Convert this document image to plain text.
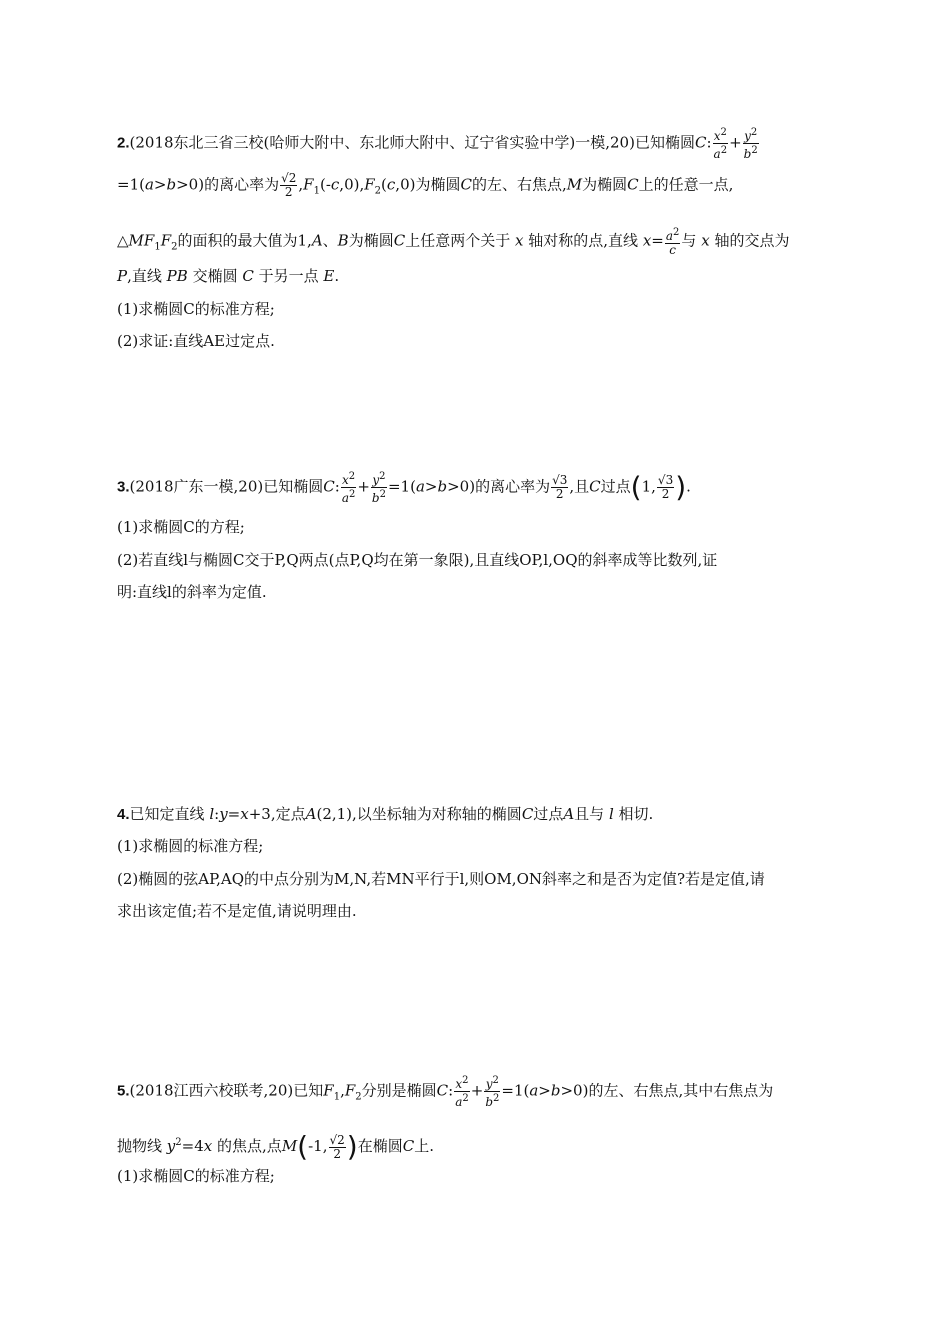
2.(2018东北三省三校(哈师大附中、东北师大附中、辽宁省实验中学)一模,20)已知椭圆C: $\frac{x^2}{a^2} + \frac{y^2}{b^2}$
=1(a>b>0)的离心率为 $\frac{√2}{2} ,F_1(-c,0),F_2(c,0)$为椭圆C的左、右焦点,M为椭圆C上的任意一点,
$\triangle MF_1F_2$的面积的最大值为1,A、B为椭圆C上任意两个关于 x 轴对称的点,直线 $x= \frac{a^2}{c}$ 与 x 轴的交点为
P,直线 PB 交椭圆 C 于另一点 E.
(1)求椭圆C的标准方程;
(2)求证:直线AE过定点.
3.(2018广东一模,20)已知椭圆C: $\frac{x^2}{a^2} + \frac{y^2}{b^2} =1(a>b>0)$的离心率为 $\frac{√3}{2}$ ,且C过点(1, $\frac{√3}{2}$ ).
(1)求椭圆C的方程;
(2)若直线l与椭圆C交于P,Q两点(点P,Q均在第一象限),且直线OP,l,OQ的斜率成等比数列,证
明:直线l的斜率为定值.
4.已知定直线 l:y=x+3,定点A(2,1),以坐标轴为对称轴的椭圆C过点A且与 l 相切.
(1)求椭圆的标准方程;
(2)椭圆的弦AP,AQ的中点分别为M,N,若MN平行于l,则OM,ON斜率之和是否为定值?若是定值,请
求出该定值;若不是定值,请说明理由.
5.(2018江西六校联考,20)已知$F_1,F_2$分别是椭圆C: $\frac{x^2}{a^2} + \frac{y^2}{b^2} =1(a>b>0)$的左、右焦点,其中右焦点为
抛物线 $y^2=4x$ 的焦点,点M(-1, $\frac{√2}{2}$ )在椭圆C上.
(1)求椭圆C的标准方程;
